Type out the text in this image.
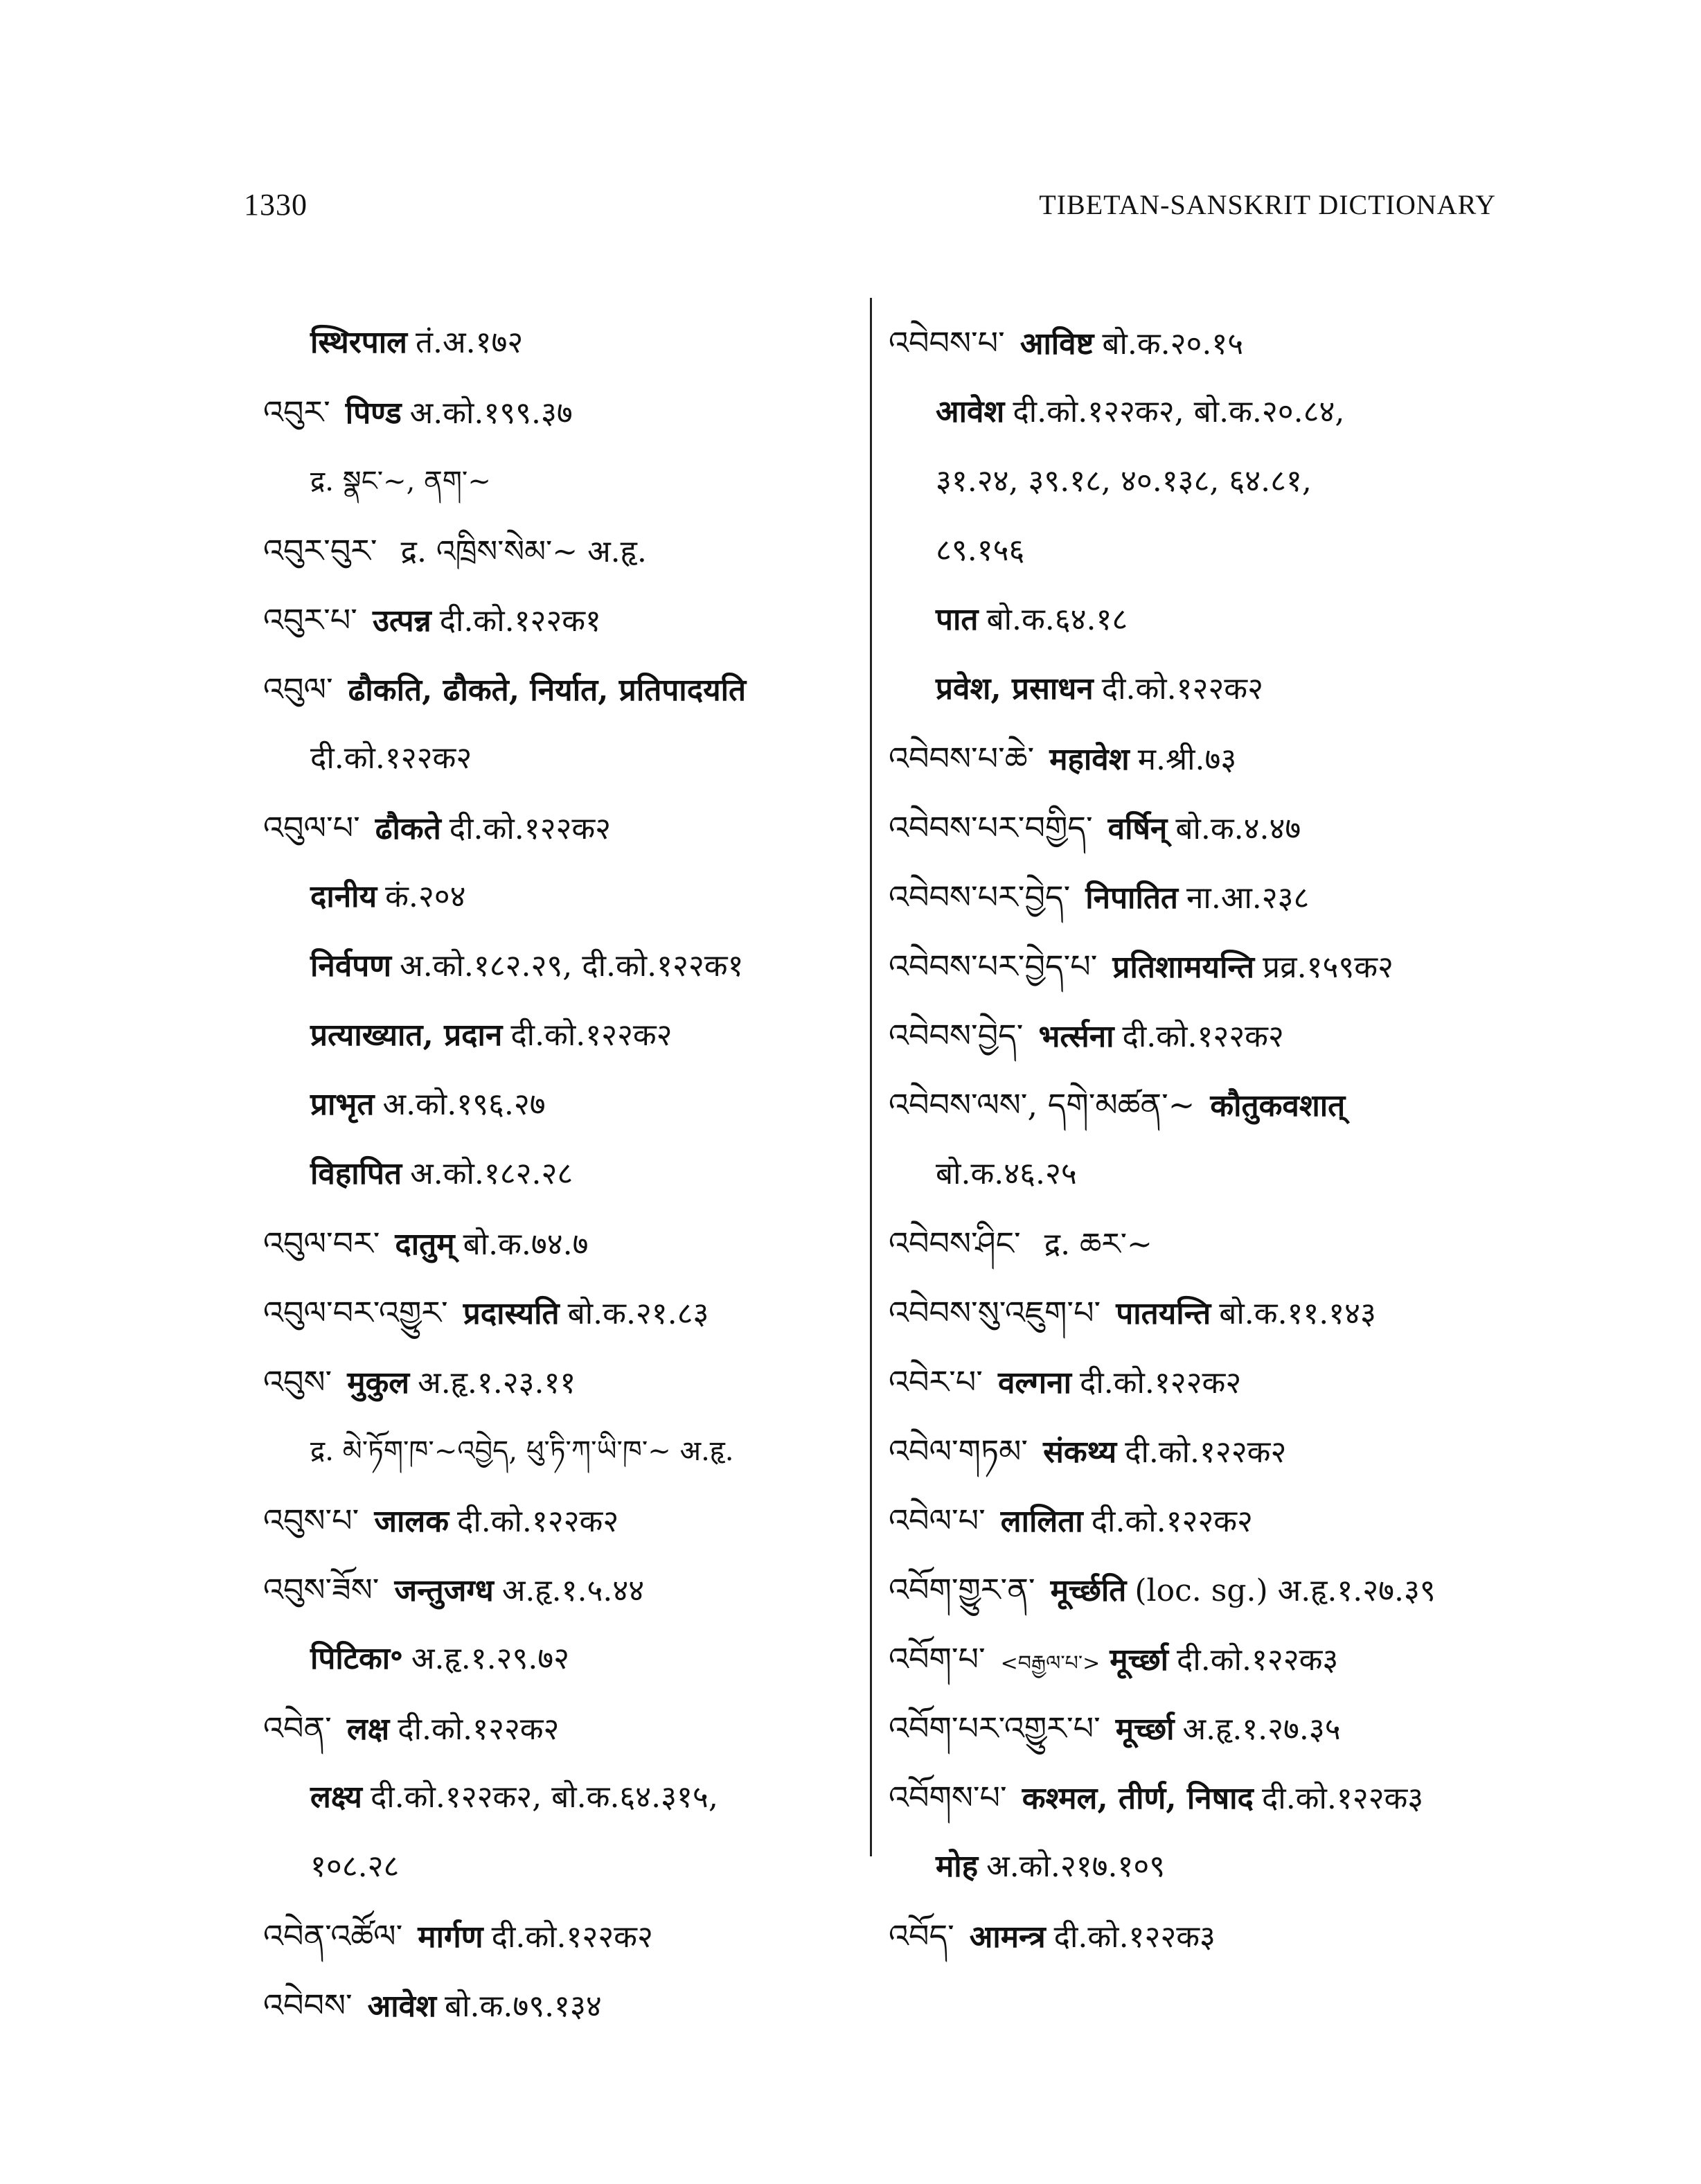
1330	TIBETAN-SANSKRIT DICTIONARY
स्थिरपाल तं.अ.१७२
འབུར་ पिण्ड अ.को.१९९.३७
द्र. སྣང་~, ནག་~
འབུར་བུར་ द्र. འཁྲིས་སེམ་~ अ.हृ.
འབུར་པ་ उत्पन्न दी.को.१२२क१
འབུལ་ ढौकति, ढौकते, निर्यात, प्रतिपादयति
दी.को.१२२क२
འབུལ་པ་ ढौकते दी.को.१२२क२
दानीय कं.२०४
निर्वपण अ.को.१८२.२९, दी.को.१२२क१
प्रत्याख्यात, प्रदान दी.को.१२२क२
प्राभृत अ.को.१९६.२७
विहापित अ.को.१८२.२८
འབུལ་བར་ दातुम् बो.क.७४.७
འབུལ་བར་འགྱུར་ प्रदास्यति बो.क.२१.८३
འབུས་ मुकुल अ.हृ.१.२३.११
द्र. མེ་ཏོག་ཁ་~འབྱེད, ཕུ་ཏི་ཀ་ཡི་ཁ་~ अ.हृ.
འབུས་པ་ जालक दी.को.१२२क२
འབུས་ཟོས་ जन्तुजग्ध अ.हृ.१.५.४४
पिटिका॰ अ.हृ.१.२९.७२
འབེན་ लक्ष दी.को.१२२क२
लक्ष्य दी.को.१२२क२, बो.क.६४.३१५,
१०८.२८
འབེན་འཚོལ་ मार्गण दी.को.१२२क२
འབེབས་ आवेश बो.क.७९.१३४
འབེབས་པ་ आविष्ट बो.क.२०.१५
आवेश दी.को.१२२क२, बो.क.२०.८४,
३१.२४, ३९.१८, ४०.१३८, ६४.८१,
८९.१५६
पात बो.क.६४.१८
प्रवेश, प्रसाधन दी.को.१२२क२
འབེབས་པ་ཆེ་ महावेश म.श्री.७३
འབེབས་པར་བགྱིད་ वर्षिन् बो.क.४.४७
འབེབས་པར་བྱེད་ निपातित ना.आ.२३८
འབེབས་པར་བྱེད་པ་ प्रतिशामयन्ति प्रव्र.१५९क२
འབེབས་བྱེད་ भर्त्सना दी.को.१२२क२
འབེབས་ལས་, དགེ་མཚན་~ कौतुकवशात्
बो.क.४६.२५
འབེབས་ཤིང་ द्र. ཆར་~
འབེབས་སུ་འཇུག་པ་ पातयन्ति बो.क.११.१४३
འབེར་པ་ वल्गना दी.को.१२२क२
འབེལ་གཏམ་ संकथ्य दी.को.१२२क२
འབེལ་པ་ लालिता दी.को.१२२क२
འབོག་གྱུར་ན་ मूर्च्छति (loc. sg.) अ.हृ.१.२७.३९
འབོག་པ་ <བརྒྱལ་པ་> मूर्च्छा दी.को.१२२क३
འབོག་པར་འགྱུར་པ་ मूर्च्छा अ.हृ.१.२७.३५
འབོགས་པ་ कश्मल, तीर्ण, निषाद दी.को.१२२क३
मोह अ.को.२१७.१०९
འབོད་ आमन्त्र दी.को.१२२क३
